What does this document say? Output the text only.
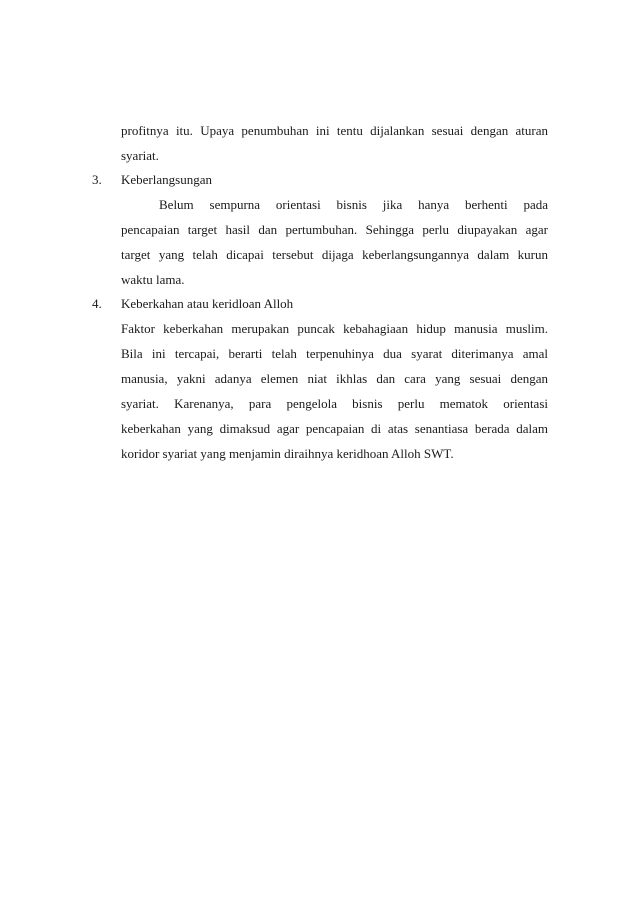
profitnya itu. Upaya penumbuhan ini tentu dijalankan sesuai dengan aturan
syariat.
3.	Keberlangsungan
Belum sempurna orientasi bisnis jika hanya berhenti pada
pencapaian target hasil dan pertumbuhan. Sehingga perlu diupayakan agar
target yang telah dicapai tersebut dijaga keberlangsungannya dalam kurun
waktu lama.
4.	Keberkahan atau keridloan Alloh
Faktor keberkahan merupakan puncak kebahagiaan hidup manusia muslim.
Bila ini tercapai, berarti telah terpenuhinya dua syarat diterimanya amal
manusia, yakni adanya elemen niat ikhlas dan cara yang sesuai dengan
syariat. Karenanya, para pengelola bisnis perlu mematok orientasi
keberkahan yang dimaksud agar pencapaian di atas senantiasa berada dalam
koridor syariat yang menjamin diraihnya keridhoan Alloh SWT.
